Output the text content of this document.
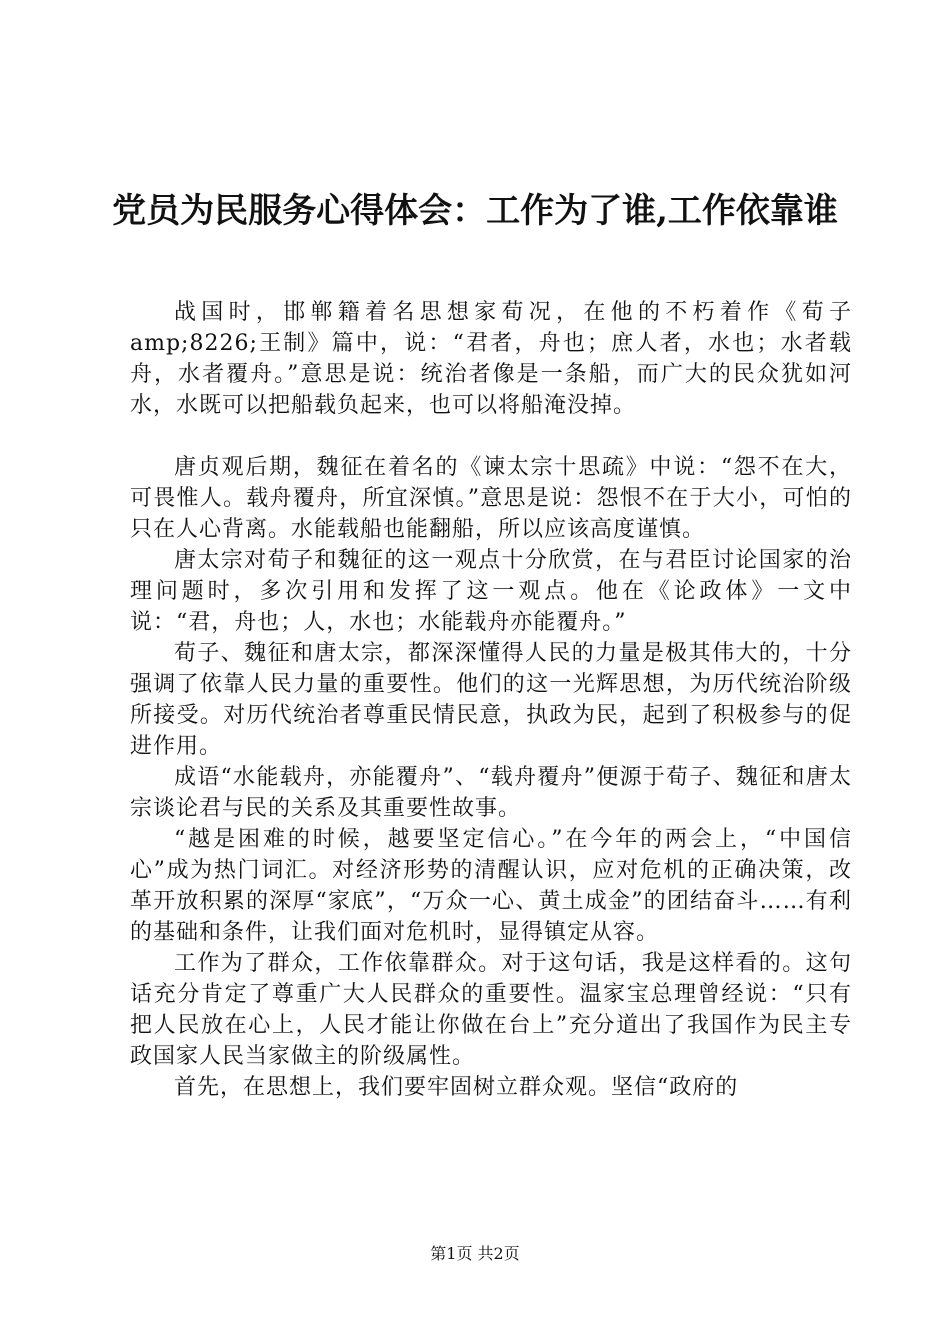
党员为民服务心得体会：工作为了谁,工作依靠谁

战国时，邯郸籍着名思想家荀况，在他的不朽着作《荀子amp;8226;王制》篇中，说：“君者，舟也；庶人者，水也；水者载舟，水者覆舟。”意思是说：统治者像是一条船，而广大的民众犹如河水，水既可以把船载负起来，也可以将船淹没掉。

唐贞观后期，魏征在着名的《谏太宗十思疏》中说：“怨不在大，可畏惟人。载舟覆舟，所宜深慎。”意思是说：怨恨不在于大小，可怕的只在人心背离。水能载船也能翻船，所以应该高度谨慎。

唐太宗对荀子和魏征的这一观点十分欣赏，在与君臣讨论国家的治理问题时，多次引用和发挥了这一观点。他在《论政体》一文中说：“君，舟也；人，水也；水能载舟亦能覆舟。”

荀子、魏征和唐太宗，都深深懂得人民的力量是极其伟大的，十分强调了依靠人民力量的重要性。他们的这一光辉思想，为历代统治阶级所接受。对历代统治者尊重民情民意，执政为民，起到了积极参与的促进作用。

成语“水能载舟，亦能覆舟”、“载舟覆舟”便源于荀子、魏征和唐太宗谈论君与民的关系及其重要性故事。

“越是困难的时候，越要坚定信心。”在今年的两会上，“中国信心”成为热门词汇。对经济形势的清醒认识，应对危机的正确决策，改革开放积累的深厚“家底”，“万众一心、黄土成金”的团结奋斗……有利的基础和条件，让我们面对危机时，显得镇定从容。

工作为了群众，工作依靠群众。对于这句话，我是这样看的。这句话充分肯定了尊重广大人民群众的重要性。温家宝总理曾经说：“只有把人民放在心上，人民才能让你做在台上”充分道出了我国作为民主专政国家人民当家做主的阶级属性。

首先，在思想上，我们要牢固树立群众观。坚信“政府的

第1页 共2页
